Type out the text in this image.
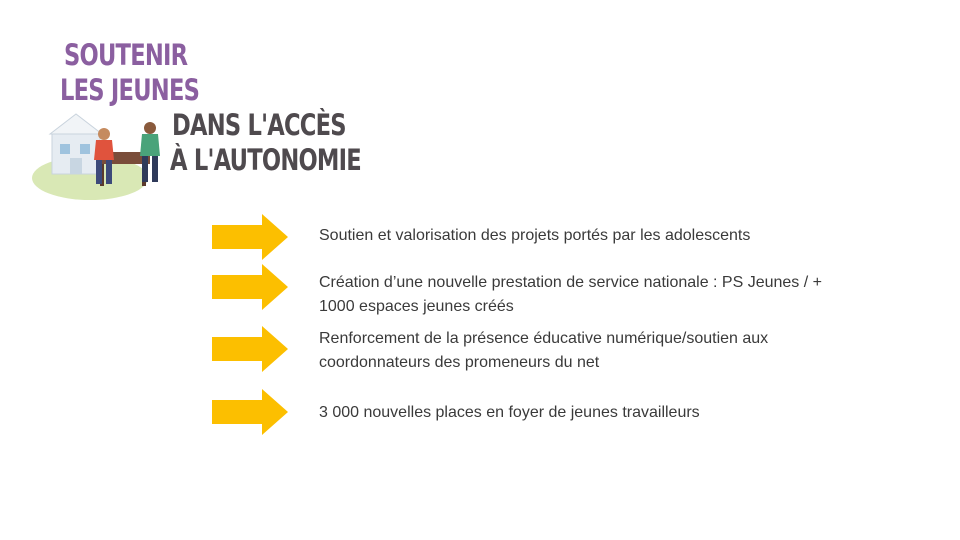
SOUTENIR
LES JEUNES
DANS L'ACCÈS
À L'AUTONOMIE
Soutien et valorisation des projets portés par les adolescents
Création d’une nouvelle prestation de service nationale : PS Jeunes / + 1000 espaces jeunes créés
Renforcement de la présence éducative numérique/soutien aux coordonnateurs des promeneurs du net
3 000 nouvelles places en foyer de jeunes travailleurs
